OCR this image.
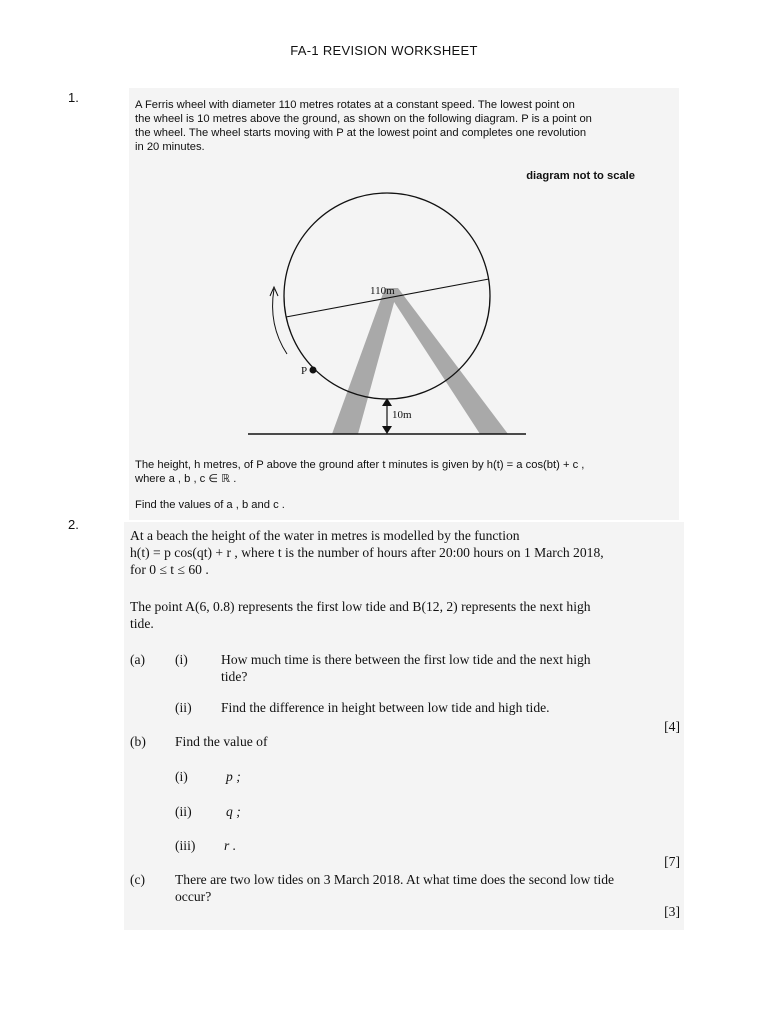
FA-1 REVISION WORKSHEET
1.	A Ferris wheel with diameter 110 metres rotates at a constant speed. The lowest point on

the wheel is 10 metres above the ground, as shown on the following diagram. P is a point on

the wheel. The wheel starts moving with P at the lowest point and completes one revolution

in 20 minutes.

diagram not to scale
110m
P
10m

The height, h metres, of P above the ground after t minutes is given by h(t) = a cos(bt) + c ,

where a , b , c ∈ ℝ .

Find the values of a , b and c .
2.

At a beach the height of the water in metres is modelled by the function

h(t) = p cos(qt) + r , where t is the number of hours after 20:00 hours on 1 March 2018,

for 0 ≤ t ≤ 60 .

The point A(6, 0.8) represents the first low tide and B(12, 2) represents the next high

tide.

(a) (i) How much time is there between the first low tide and the next high

tide?

(ii) Find the difference in height between low tide and high tide.
[4]
(b) Find the value of
(i)	p ;
(ii)	q ;
(iii) r .
[7]
(c) There are two low tides on 3 March 2018. At what time does the second low tide

occur?

[3]
